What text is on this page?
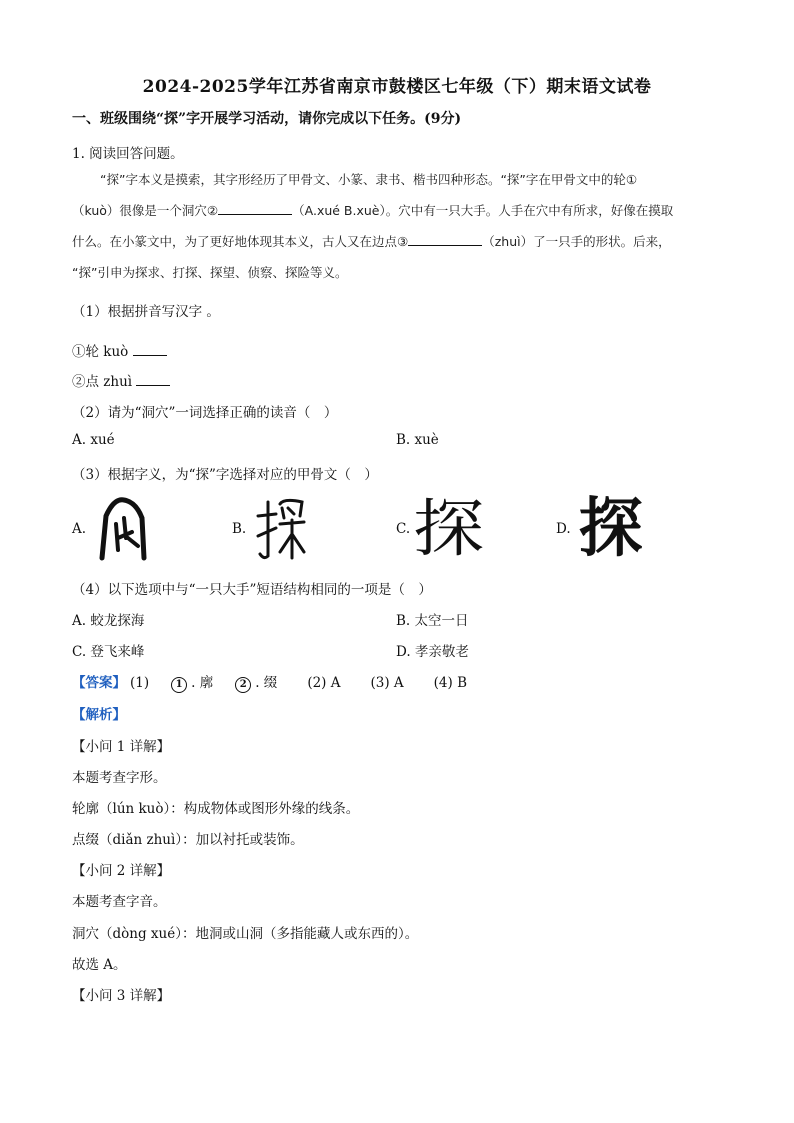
2024-2025学年江苏省南京市鼓楼区七年级（下）期末语文试卷
一、班级围绕“探”字开展学习活动，请你完成以下任务。(9分)
1. 阅读回答问题。
“探”字本义是摸索，其字形经历了甲骨文、小篆、隶书、楷书四种形态。“探”字在甲骨文中的轮①
（kuò）很像是一个洞穴②	（A.xué B.xuè）。穴中有一只大手。人手在穴中有所求，好像在摸取
什么。在小篆文中，为了更好地体现其本义，古人又在边点③	（zhuì）了一只手的形状。后来，
“探”引申为探求、打探、探望、侦察、探险等义。
（1）根据拼音写汉字 。
①轮 kuò
②点 zhuì
（2）请为“洞穴”一词选择正确的读音（　）
A. xué	B. xuè
（3）根据字义，为“探”字选择对应的甲骨文（　）
A.	B.	C. 探	D. 探
（4）以下选项中与“一只大手”短语结构相同的一项是（　）
A. 蛟龙探海	B. 太空一日
C. 登飞来峰	D. 孝亲敬老
【答案】 (1)	1 . 廓	2 . 缀 (2) A (3) A (4) B
【解析】
【小问 1 详解】
本题考查字形。
轮廓（lún kuò）：构成物体或图形外缘的线条。
点缀（diǎn zhuì）：加以衬托或装饰。
【小问 2 详解】
本题考查字音。
洞穴（dòng xué）：地洞或山洞（多指能藏人或东西的）。
故选 A。
【小问 3 详解】
